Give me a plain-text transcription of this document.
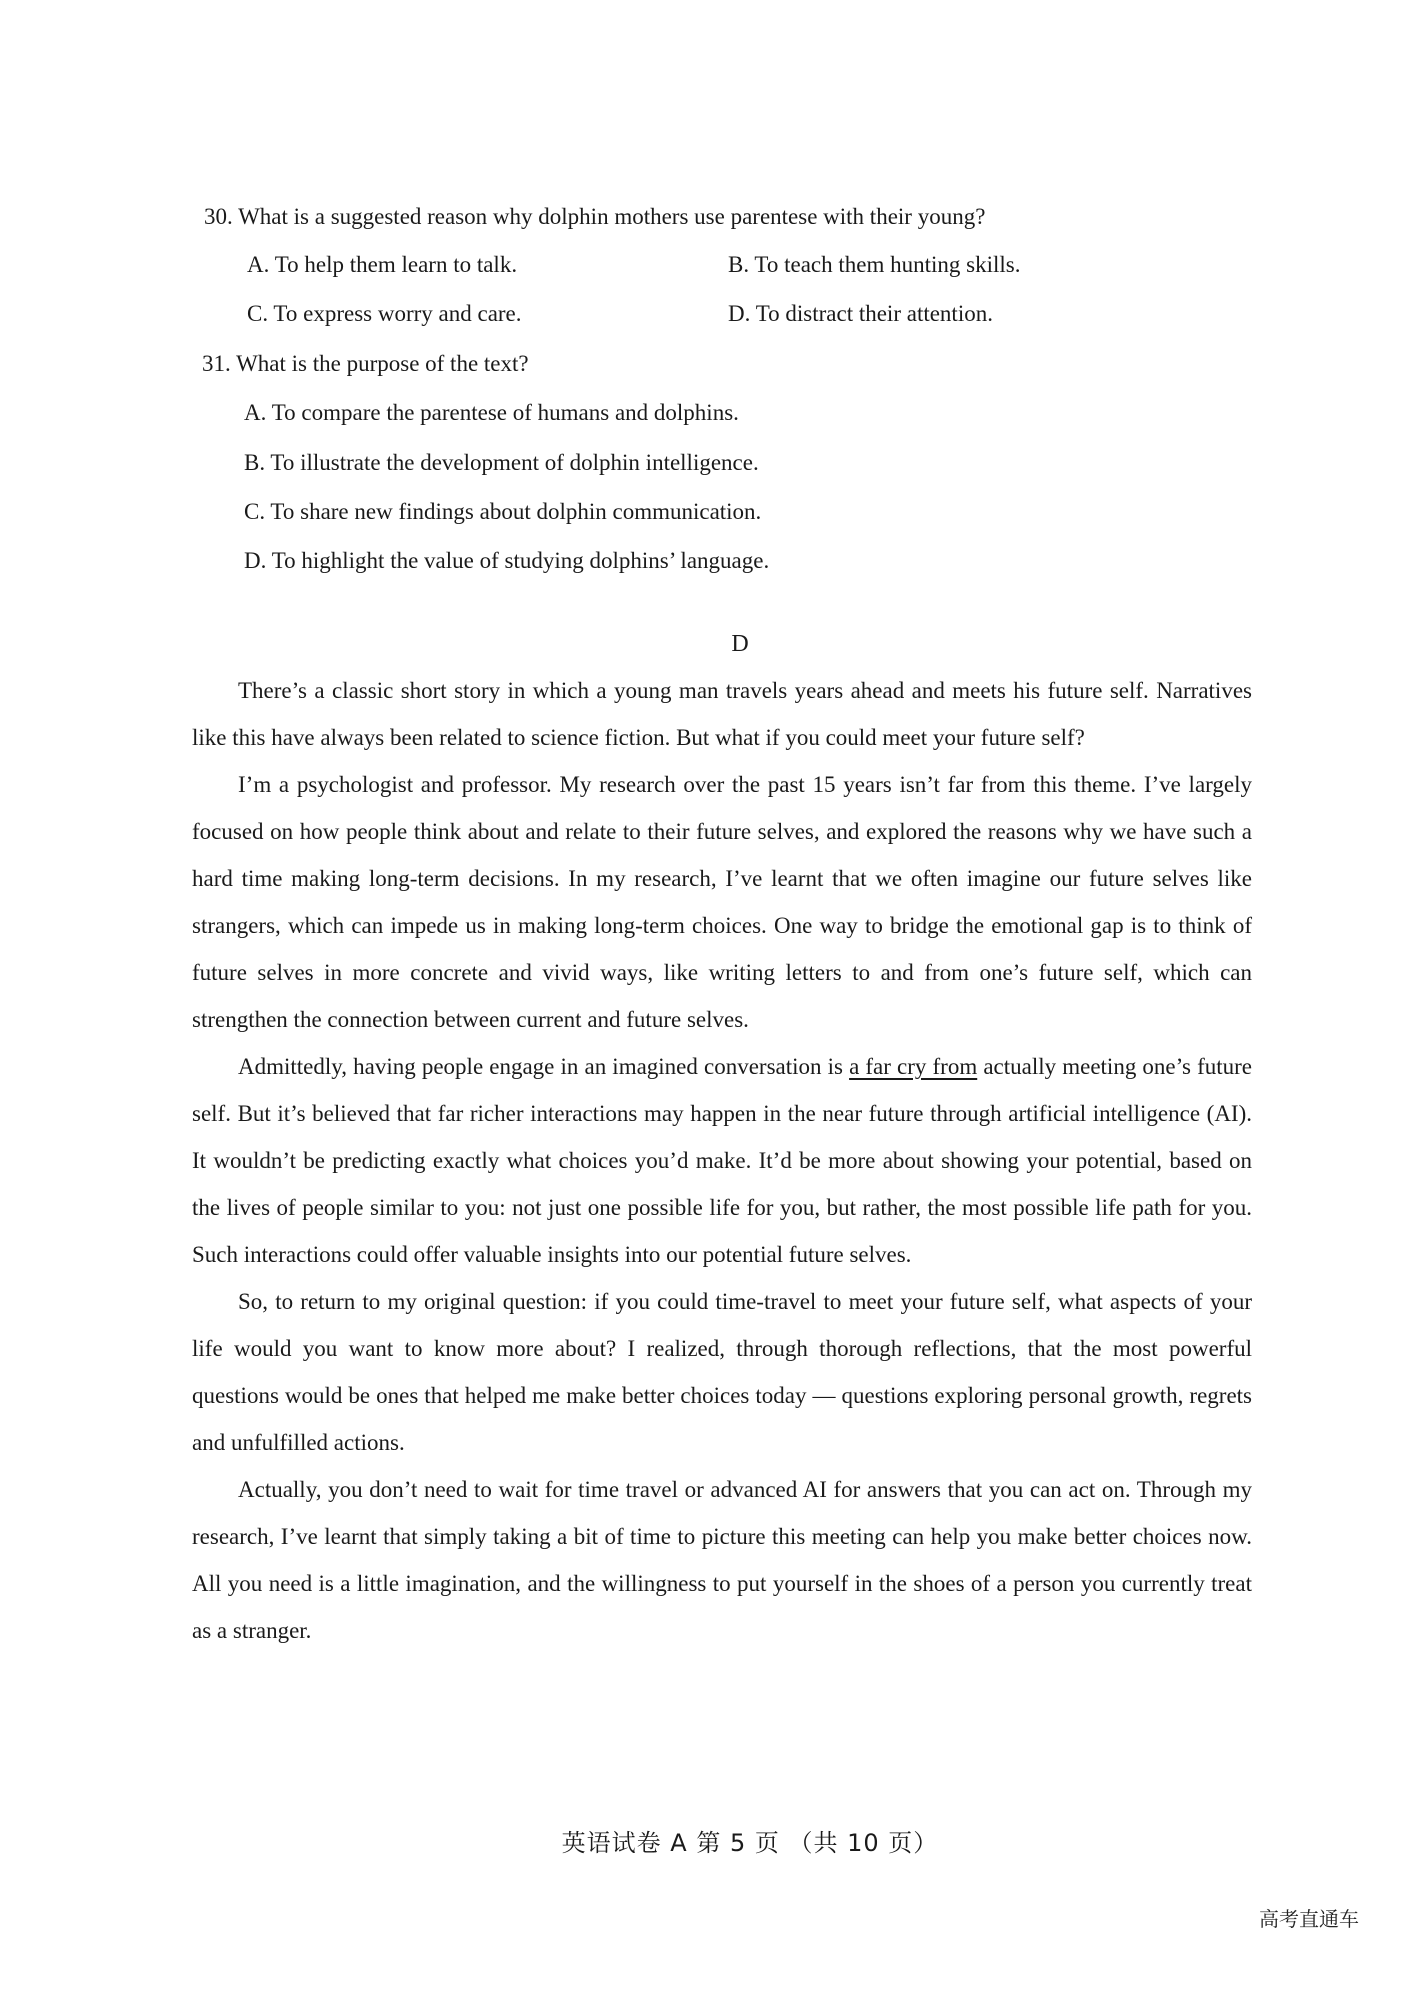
30. What is a suggested reason why dolphin mothers use parentese with their young?
A. To help them learn to talk.	B. To teach them hunting skills.
C. To express worry and care.	D. To distract their attention.
31. What is the purpose of the text?
A. To compare the parentese of humans and dolphins.
B. To illustrate the development of dolphin intelligence.
C. To share new findings about dolphin communication.
D. To highlight the value of studying dolphins’ language.
D

There’s a classic short story in which a young man travels years ahead and meets his future self. Narratives like this have always been related to science fiction. But what if you could meet your future self?

I’m a psychologist and professor. My research over the past 15 years isn’t far from this theme. I’ve largely focused on how people think about and relate to their future selves, and explored the reasons why we have such a hard time making long-term decisions. In my research, I’ve learnt that we often imagine our future selves like strangers, which can impede us in making long-term choices. One way to bridge the emotional gap is to think of future selves in more concrete and vivid ways, like writing letters to and from one’s future self, which can strengthen the connection between current and future selves.

Admittedly, having people engage in an imagined conversation is a far cry from actually meeting one’s future self. But it’s believed that far richer interactions may happen in the near future through artificial intelligence (AI). It wouldn’t be predicting exactly what choices you’d make. It’d be more about showing your potential, based on the lives of people similar to you: not just one possible life for you, but rather, the most possible life path for you. Such interactions could offer valuable insights into our potential future selves.

So, to return to my original question: if you could time-travel to meet your future self, what aspects of your life would you want to know more about? I realized, through thorough reflections, that the most powerful questions would be ones that helped me make better choices today — questions exploring personal growth, regrets and unfulfilled actions.

Actually, you don’t need to wait for time travel or advanced AI for answers that you can act on. Through my research, I’ve learnt that simply taking a bit of time to picture this meeting can help you make better choices now. All you need is a little imagination, and the willingness to put yourself in the shoes of a person you currently treat as a stranger.

英语试卷 A 第 5 页 （共 10 页）
高考直通车
